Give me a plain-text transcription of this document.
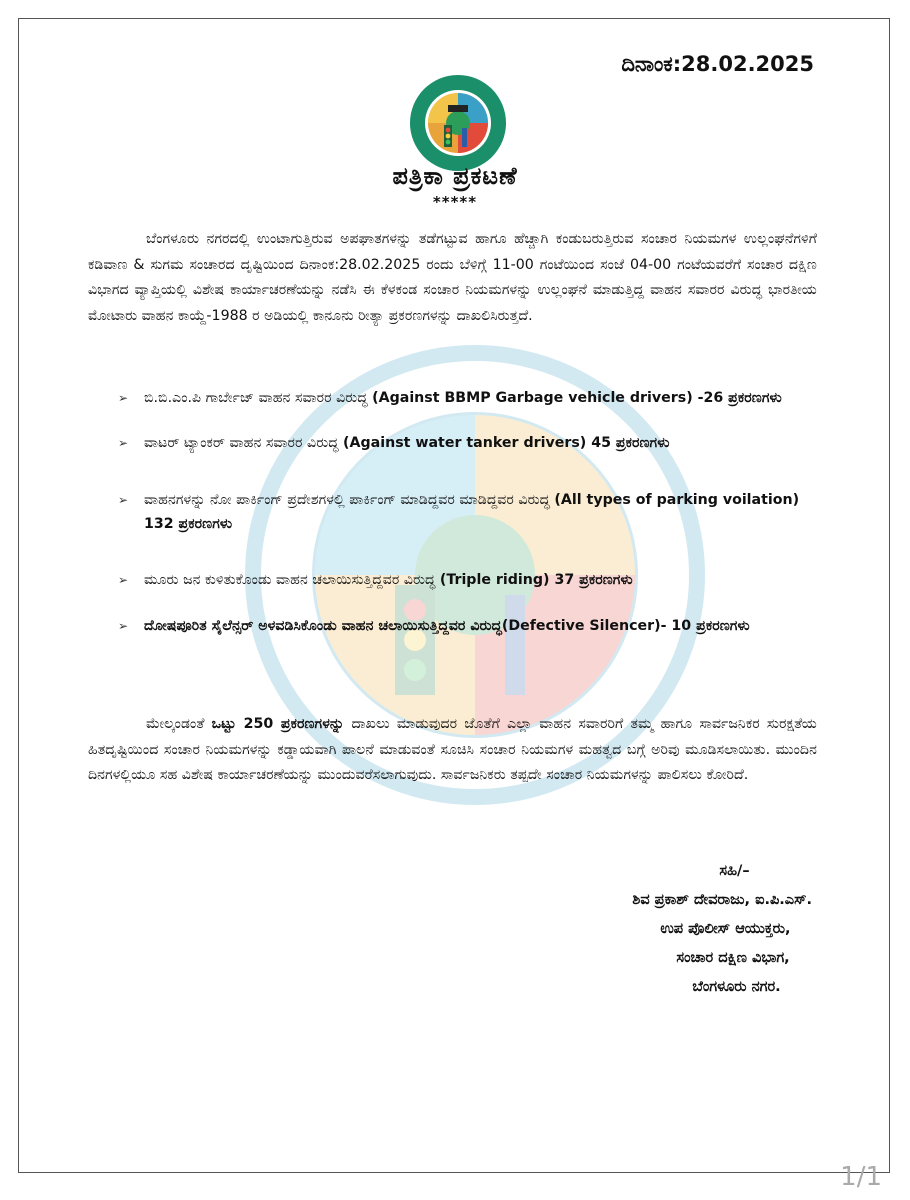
ದಿನಾಂಕ:28.02.2025
ಪತ್ರಿಕಾ ಪ್ರಕಟಣೆ
*****
ಬೆಂಗಳೂರು ನಗರದಲ್ಲಿ ಉಂಟಾಗುತ್ತಿರುವ ಅಪಘಾತಗಳನ್ನು ತಡೆಗಟ್ಟುವ ಹಾಗೂ ಹೆಚ್ಚಾಗಿ ಕಂಡುಬರುತ್ತಿರುವ ಸಂಚಾರ ನಿಯಮಗಳ ಉಲ್ಲಂಘನೆಗಳಿಗೆ ಕಡಿವಾಣ & ಸುಗಮ ಸಂಚಾರದ ದೃಷ್ಟಿಯಿಂದ ದಿನಾಂಕ:28.02.2025 ರಂದು ಬೆಳಿಗ್ಗೆ 11-00 ಗಂಟೆಯಿಂದ ಸಂಜೆ 04-00 ಗಂಟೆಯವರೆಗೆ ಸಂಚಾರ ದಕ್ಷಿಣ ವಿಭಾಗದ ವ್ಯಾಪ್ತಿಯಲ್ಲಿ ವಿಶೇಷ ಕಾರ್ಯಾಚರಣೆಯನ್ನು ನಡೆಸಿ ಈ ಕೆಳಕಂಡ ಸಂಚಾರ ನಿಯಮಗಳನ್ನು ಉಲ್ಲಂಘನೆ ಮಾಡುತ್ತಿದ್ದ ವಾಹನ ಸವಾರರ ವಿರುದ್ಧ ಭಾರತೀಯ ಮೋಟಾರು ವಾಹನ ಕಾಯ್ದೆ-1988 ರ ಅಡಿಯಲ್ಲಿ ಕಾನೂನು ರೀತ್ಯಾ ಪ್ರಕರಣಗಳನ್ನು ದಾಖಲಿಸಿರುತ್ತದೆ.
➢ ಬಿ.ಬಿ.ಎಂ.ಪಿ ಗಾರ್ಬೇಜ್ ವಾಹನ ಸವಾರರ ವಿರುದ್ಧ (Against BBMP Garbage vehicle drivers) -26 ಪ್ರಕರಣಗಳು
➢ ವಾಟರ್ ಟ್ಯಾಂಕರ್ ವಾಹನ ಸವಾರರ ವಿರುದ್ಧ (Against water tanker drivers) 45 ಪ್ರಕರಣಗಳು
➢ ವಾಹನಗಳನ್ನು ನೋ ಪಾರ್ಕಿಂಗ್ ಪ್ರದೇಶಗಳಲ್ಲಿ ಪಾರ್ಕಿಂಗ್ ಮಾಡಿದ್ದವರ ಮಾಡಿದ್ದವರ ವಿರುದ್ಧ (All types of parking voilation) 132 ಪ್ರಕರಣಗಳು
➢ ಮೂರು ಜನ ಕುಳಿತುಕೊಂಡು ವಾಹನ ಚಲಾಯಿಸುತ್ತಿದ್ದವರ ವಿರುದ್ಧ (Triple riding) 37 ಪ್ರಕರಣಗಳು
➢ ದೋಷಪೂರಿತ ಸೈಲೆನ್ಸರ್ ಅಳವಡಿಸಿಕೊಂಡು ವಾಹನ ಚಲಾಯಿಸುತ್ತಿದ್ದವರ ವಿರುದ್ಧ(Defective Silencer)- 10 ಪ್ರಕರಣಗಳು
ಮೇಲ್ಕಂಡಂತೆ ಒಟ್ಟು 250 ಪ್ರಕರಣಗಳನ್ನು ದಾಖಲು ಮಾಡುವುದರ ಜೊತೆಗೆ ಎಲ್ಲಾ ವಾಹನ ಸವಾರರಿಗೆ ತಮ್ಮ ಹಾಗೂ ಸಾರ್ವಜನಿಕರ ಸುರಕ್ಷತೆಯ ಹಿತದೃಷ್ಟಿಯಿಂದ ಸಂಚಾರ ನಿಯಮಗಳನ್ನು ಕಡ್ಡಾಯವಾಗಿ ಪಾಲನೆ ಮಾಡುವಂತೆ ಸೂಚಿಸಿ ಸಂಚಾರ ನಿಯಮಗಳ ಮಹತ್ವದ ಬಗ್ಗೆ ಅರಿವು ಮೂಡಿಸಲಾಯಿತು. ಮುಂದಿನ ದಿನಗಳಲ್ಲಿಯೂ ಸಹ ವಿಶೇಷ ಕಾರ್ಯಾಚರಣೆಯನ್ನು ಮುಂದುವರೆಸಲಾಗುವುದು. ಸಾರ್ವಜನಿಕರು ತಪ್ಪದೇ ಸಂಚಾರ ನಿಯಮಗಳನ್ನು ಪಾಲಿಸಲು ಕೋರಿದೆ.
ಸಹಿ/–
ಶಿವ ಪ್ರಕಾಶ್ ದೇವರಾಜು, ಐ.ಪಿ.ಎಸ್.
ಉಪ ಪೊಲೀಸ್ ಆಯುಕ್ತರು,
ಸಂಚಾರ ದಕ್ಷಿಣ ವಿಭಾಗ,
ಬೆಂಗಳೂರು ನಗರ.
1/1
